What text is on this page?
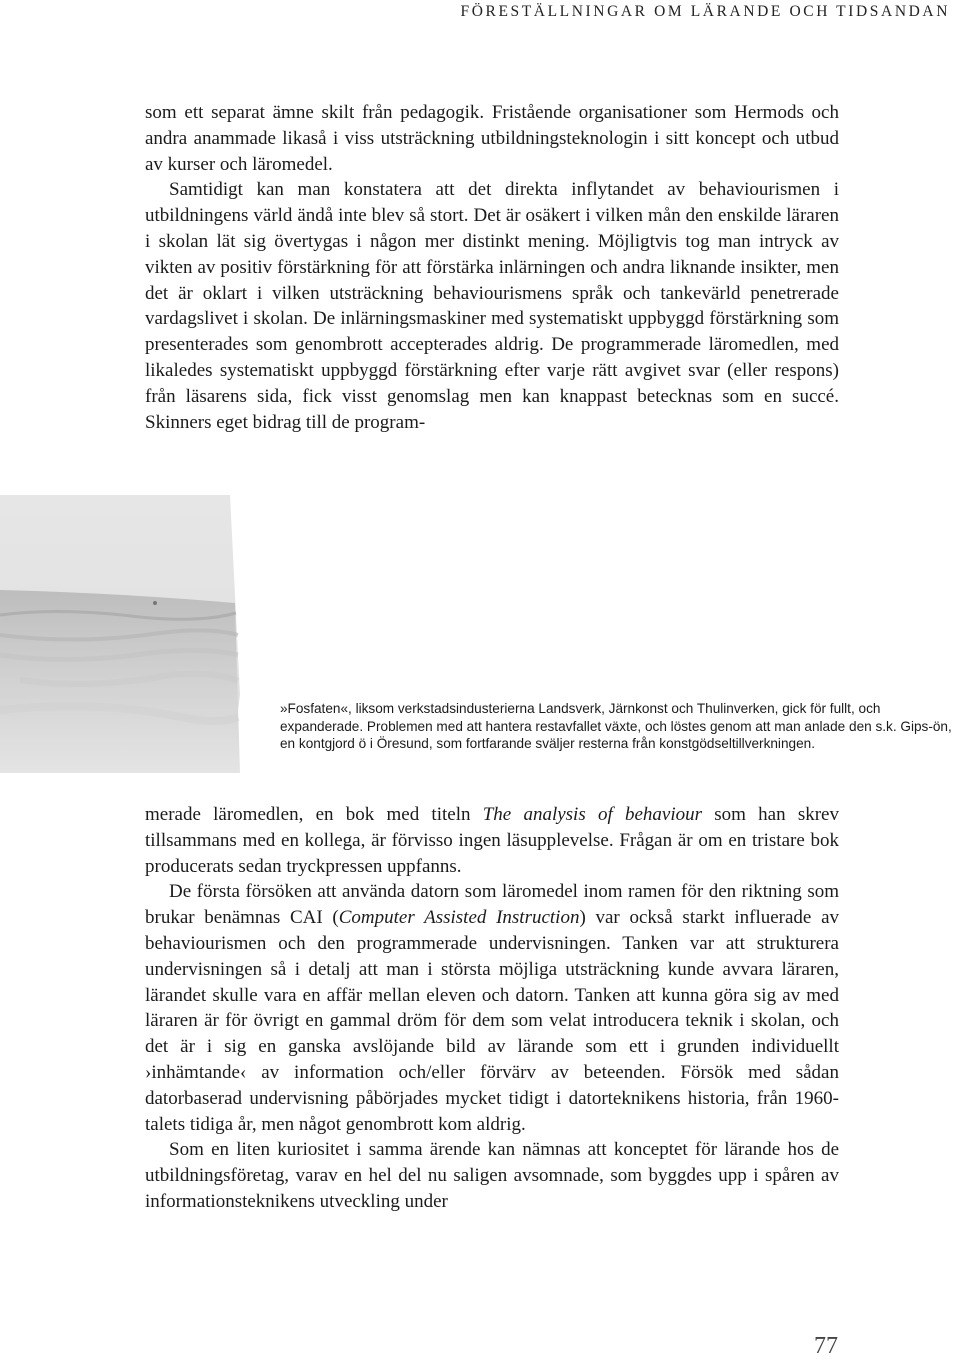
FÖRESTÄLLNINGAR OM LÄRANDE OCH TIDSANDAN

som ett separat ämne skilt från pedagogik. Fristående organisationer som Hermods och andra anammade likaså i viss utsträckning utbildningsteknologin i sitt koncept och utbud av kurser och läromedel.

Samtidigt kan man konstatera att det direkta inflytandet av behaviourismen i utbildningens värld ändå inte blev så stort. Det är osäkert i vilken mån den enskilde läraren i skolan lät sig övertygas i någon mer distinkt mening. Möjligtvis tog man intryck av vikten av positiv förstärkning för att förstärka inlärningen och andra liknande insikter, men det är oklart i vilken utsträckning behaviourismens språk och tankevärld penetrerade vardagslivet i skolan. De inlärningsmaskiner med systematiskt uppbyggd förstärkning som presenterades som genombrott accepterades aldrig. De programmerade läromedlen, med likaledes systematiskt uppbyggd förstärkning efter varje rätt avgivet svar (eller respons) från läsarens sida, fick visst genomslag men kan knappast betecknas som en succé. Skinners eget bidrag till de program-

»Fosfaten«, liksom verkstadsindusterierna Landsverk, Järnkonst och Thulinverken, gick för fullt, och expanderade. Problemen med att hantera restavfallet växte, och löstes genom att man anlade den s.k. Gips-ön, en kontgjord ö i Öresund, som fortfarande sväljer resterna från konstgödseltillverkningen.

merade läromedlen, en bok med titeln The analysis of behaviour som han skrev tillsammans med en kollega, är förvisso ingen läsupplevelse. Frågan är om en tristare bok producerats sedan tryckpressen uppfanns.

De första försöken att använda datorn som läromedel inom ramen för den riktning som brukar benämnas CAI (Computer Assisted Instruction) var också starkt influerade av behaviourismen och den programmerade undervisningen. Tanken var att strukturera undervisningen så i detalj att man i största möjliga utsträckning kunde avvara läraren, lärandet skulle vara en affär mellan eleven och datorn. Tanken att kunna göra sig av med läraren är för övrigt en gammal dröm för dem som velat introducera teknik i skolan, och det är i sig en ganska avslöjande bild av lärande som ett i grunden individuellt ›inhämtande‹ av information och/eller förvärv av beteenden. Försök med sådan datorbaserad undervisning påbörjades mycket tidigt i datorteknikens historia, från 1960-talets tidiga år, men något genombrott kom aldrig.

Som en liten kuriositet i samma ärende kan nämnas att konceptet för lärande hos de utbildningsföretag, varav en hel del nu saligen avsomnade, som byggdes upp i spåren av informationsteknikens utveckling under

77
